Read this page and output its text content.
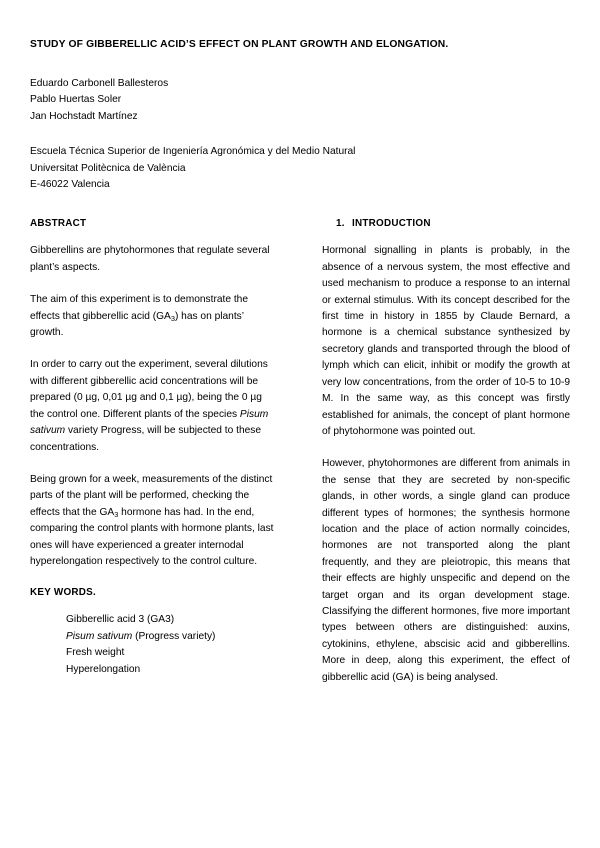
STUDY OF GIBBERELLIC ACID’S EFFECT ON PLANT GROWTH AND ELONGATION.
Eduardo Carbonell Ballesteros
Pablo Huertas Soler
Jan Hochstadt Martínez
Escuela Técnica Superior de Ingeniería Agronómica y del Medio Natural
Universitat Politècnica de València
E-46022 Valencia
ABSTRACT

Gibberellins are phytohormones that regulate several plant’s aspects.

The aim of this experiment is to demonstrate the effects that gibberellic acid $(GA_3)$ has on plants’ growth.

In order to carry out the experiment, several dilutions with different gibberellic acid concentrations will be prepared (0 µg, 0,01 µg and 0,1 µg), being the 0 µg the control one. Different plants of the species Pisum sativum variety Progress, will be subjected to these concentrations.

Being grown for a week, measurements of the distinct parts of the plant will be performed, checking the effects that the $GA_3$ hormone has had. In the end, comparing the control plants with hormone plants, last ones will have experienced a greater internodal hyperelongation respectively to the control culture.

KEY WORDS.
Gibberellic acid 3 (GA3)
Pisum sativum (Progress variety)
Fresh weight
Hyperelongation
1. INTRODUCTION

Hormonal signalling in plants is probably, in the absence of a nervous system, the most effective and used mechanism to produce a response to an internal or external stimulus. With its concept described for the first time in history in 1855 by Claude Bernard, a hormone is a chemical substance synthesized by secretory glands and transported through the blood of lymph which can elicit, inhibit or modify the growth at very low concentrations, from the order of 10-5 to 10-9 M. In the same way, as this concept was firstly established for animals, the concept of plant hormone of phytohormone was pointed out.

However, phytohormones are different from animals in the sense that they are secreted by non-specific glands, in other words, a single gland can produce different types of hormones; the synthesis hormone location and the place of action normally coincides, hormones are not transported along the plant frequently, and they are pleiotropic, this means that their effects are highly unspecific and depend on the target organ and its organ development stage. Classifying the different hormones, five more important types between others are distinguished: auxins, cytokinins, ethylene, abscisic acid and gibberellins. More in deep, along this experiment, the effect of gibberellic acid (GA) is being analysed.
